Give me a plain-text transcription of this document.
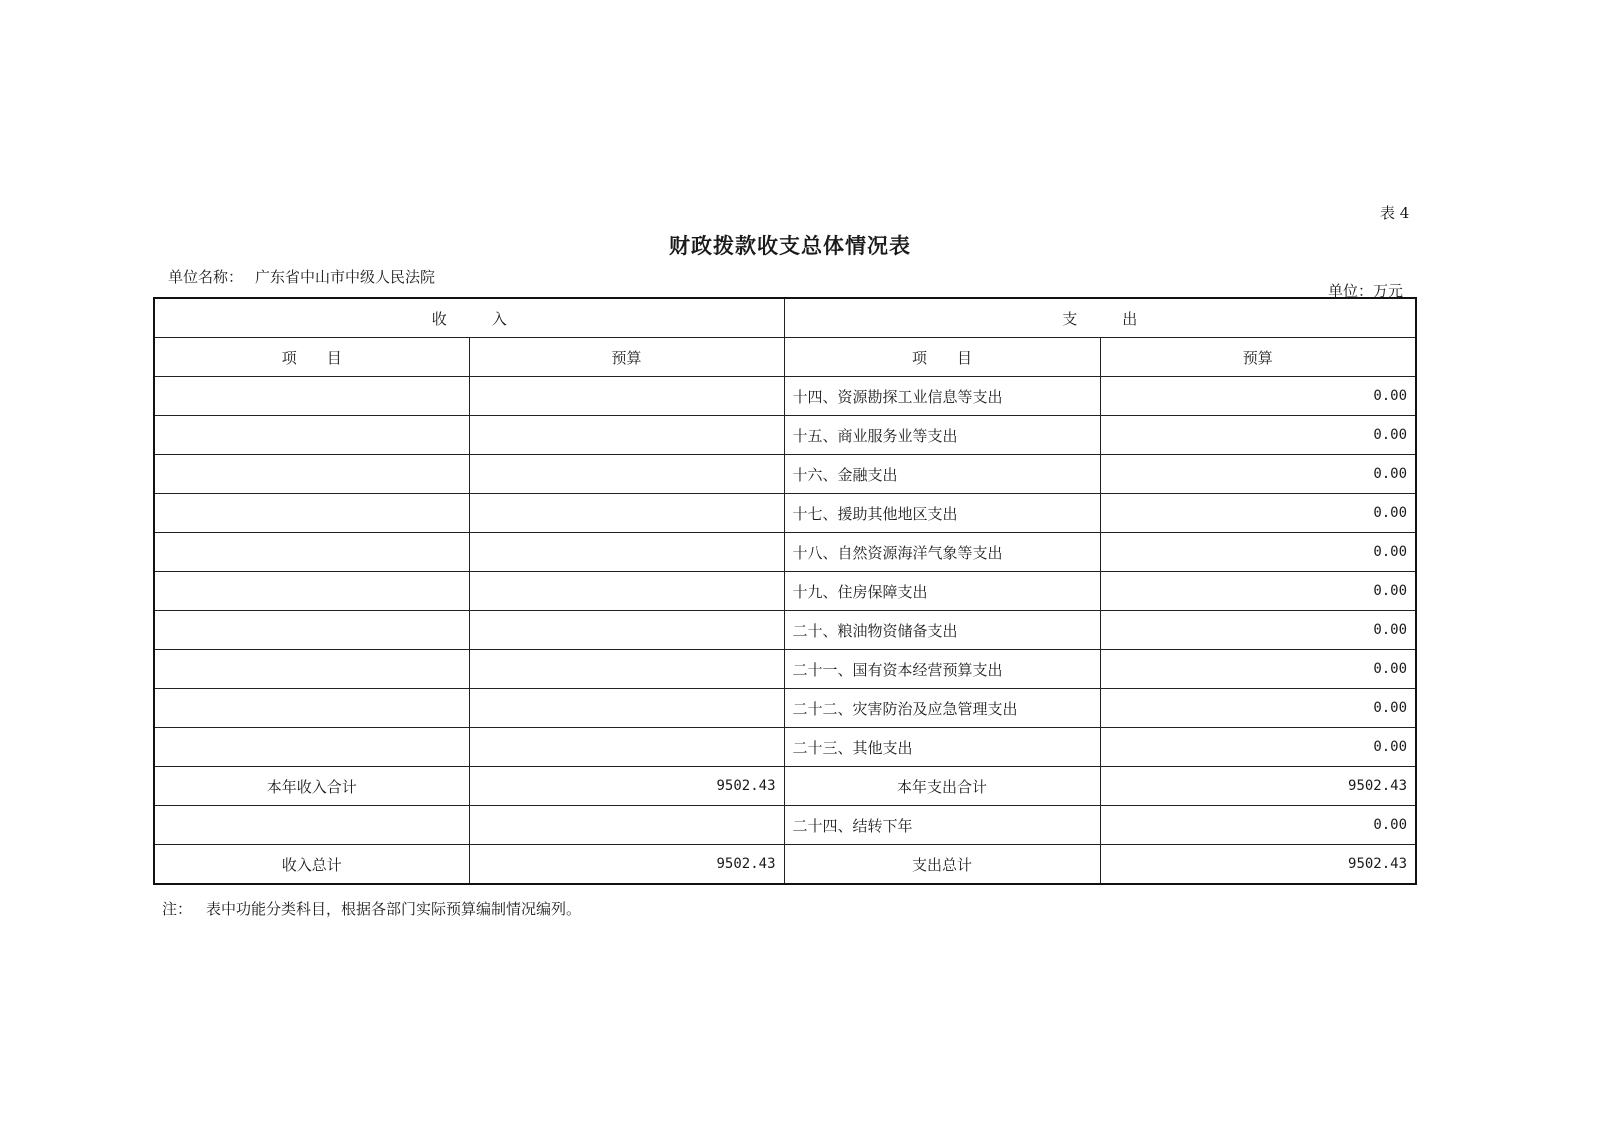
表 4
财政拨款收支总体情况表
单位名称： 广东省中山市中级人民法院
单位：万元
收　　　入		支　　　出	
项　　目	预算	项　　目	预算
		十四、资源勘探工业信息等支出	0.00
		十五、商业服务业等支出	0.00
		十六、金融支出	0.00
		十七、援助其他地区支出	0.00
		十八、自然资源海洋气象等支出	0.00
		十九、住房保障支出	0.00
		二十、粮油物资储备支出	0.00
		二十一、国有资本经营预算支出	0.00
		二十二、灾害防治及应急管理支出	0.00
		二十三、其他支出	0.00
本年收入合计	9502.43	本年支出合计	9502.43
		二十四、结转下年	0.00
收入总计	9502.43	支出总计	9502.43
注： 表中功能分类科目，根据各部门实际预算编制情况编列。
